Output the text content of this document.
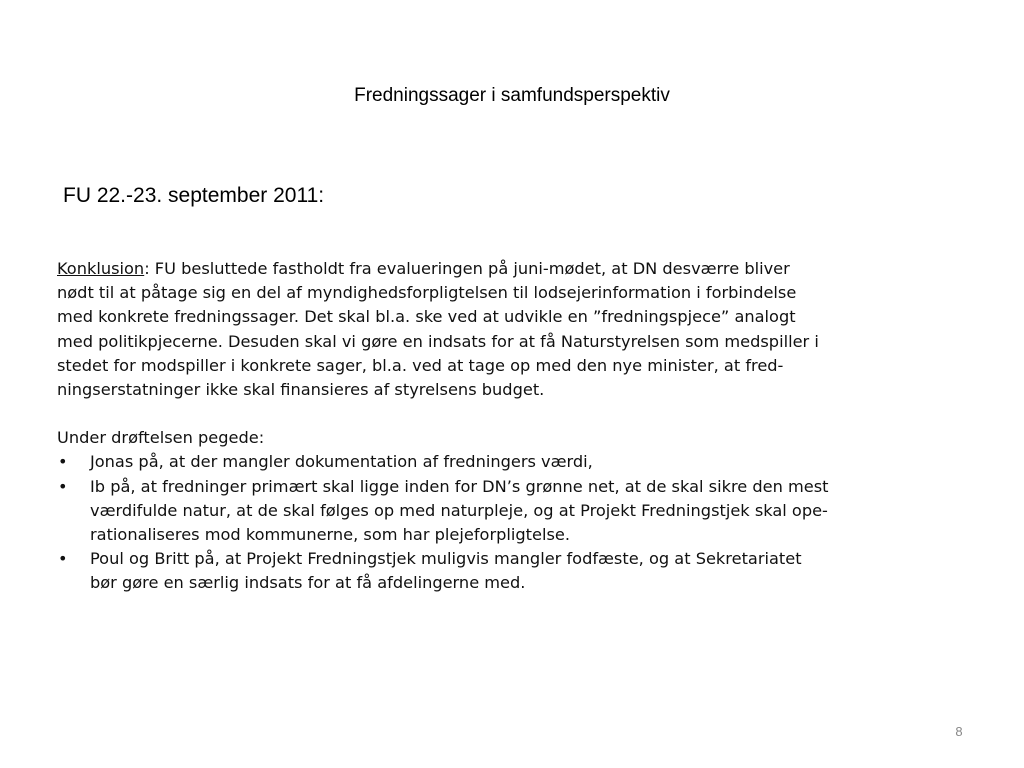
Fredningssager i samfundsperspektiv
FU 22.-23. september 2011:

Konklusion: FU besluttede fastholdt fra evalueringen på juni-mødet, at DN desværre bliver
nødt til at påtage sig en del af myndighedsforpligtelsen til lodsejerinformation i forbindelse
med konkrete fredningssager. Det skal bl.a. ske ved at udvikle en ”fredningspjece” analogt
med politikpjecerne. Desuden skal vi gøre en indsats for at få Naturstyrelsen som medspiller i
stedet for modspiller i konkrete sager, bl.a. ved at tage op med den nye minister, at fred-
ningserstatninger ikke skal finansieres af styrelsens budget.

Under drøftelsen pegede:

• Jonas på, at der mangler dokumentation af fredningers værdi,
• Ib på, at fredninger primært skal ligge inden for DN’s grønne net, at de skal sikre den mest
værdifulde natur, at de skal følges op med naturpleje, og at Projekt Fredningstjek skal ope-
rationaliseres mod kommunerne, som har plejeforpligtelse.
• Poul og Britt på, at Projekt Fredningstjek muligvis mangler fodfæste, og at Sekretariatet
bør gøre en særlig indsats for at få afdelingerne med.
8
